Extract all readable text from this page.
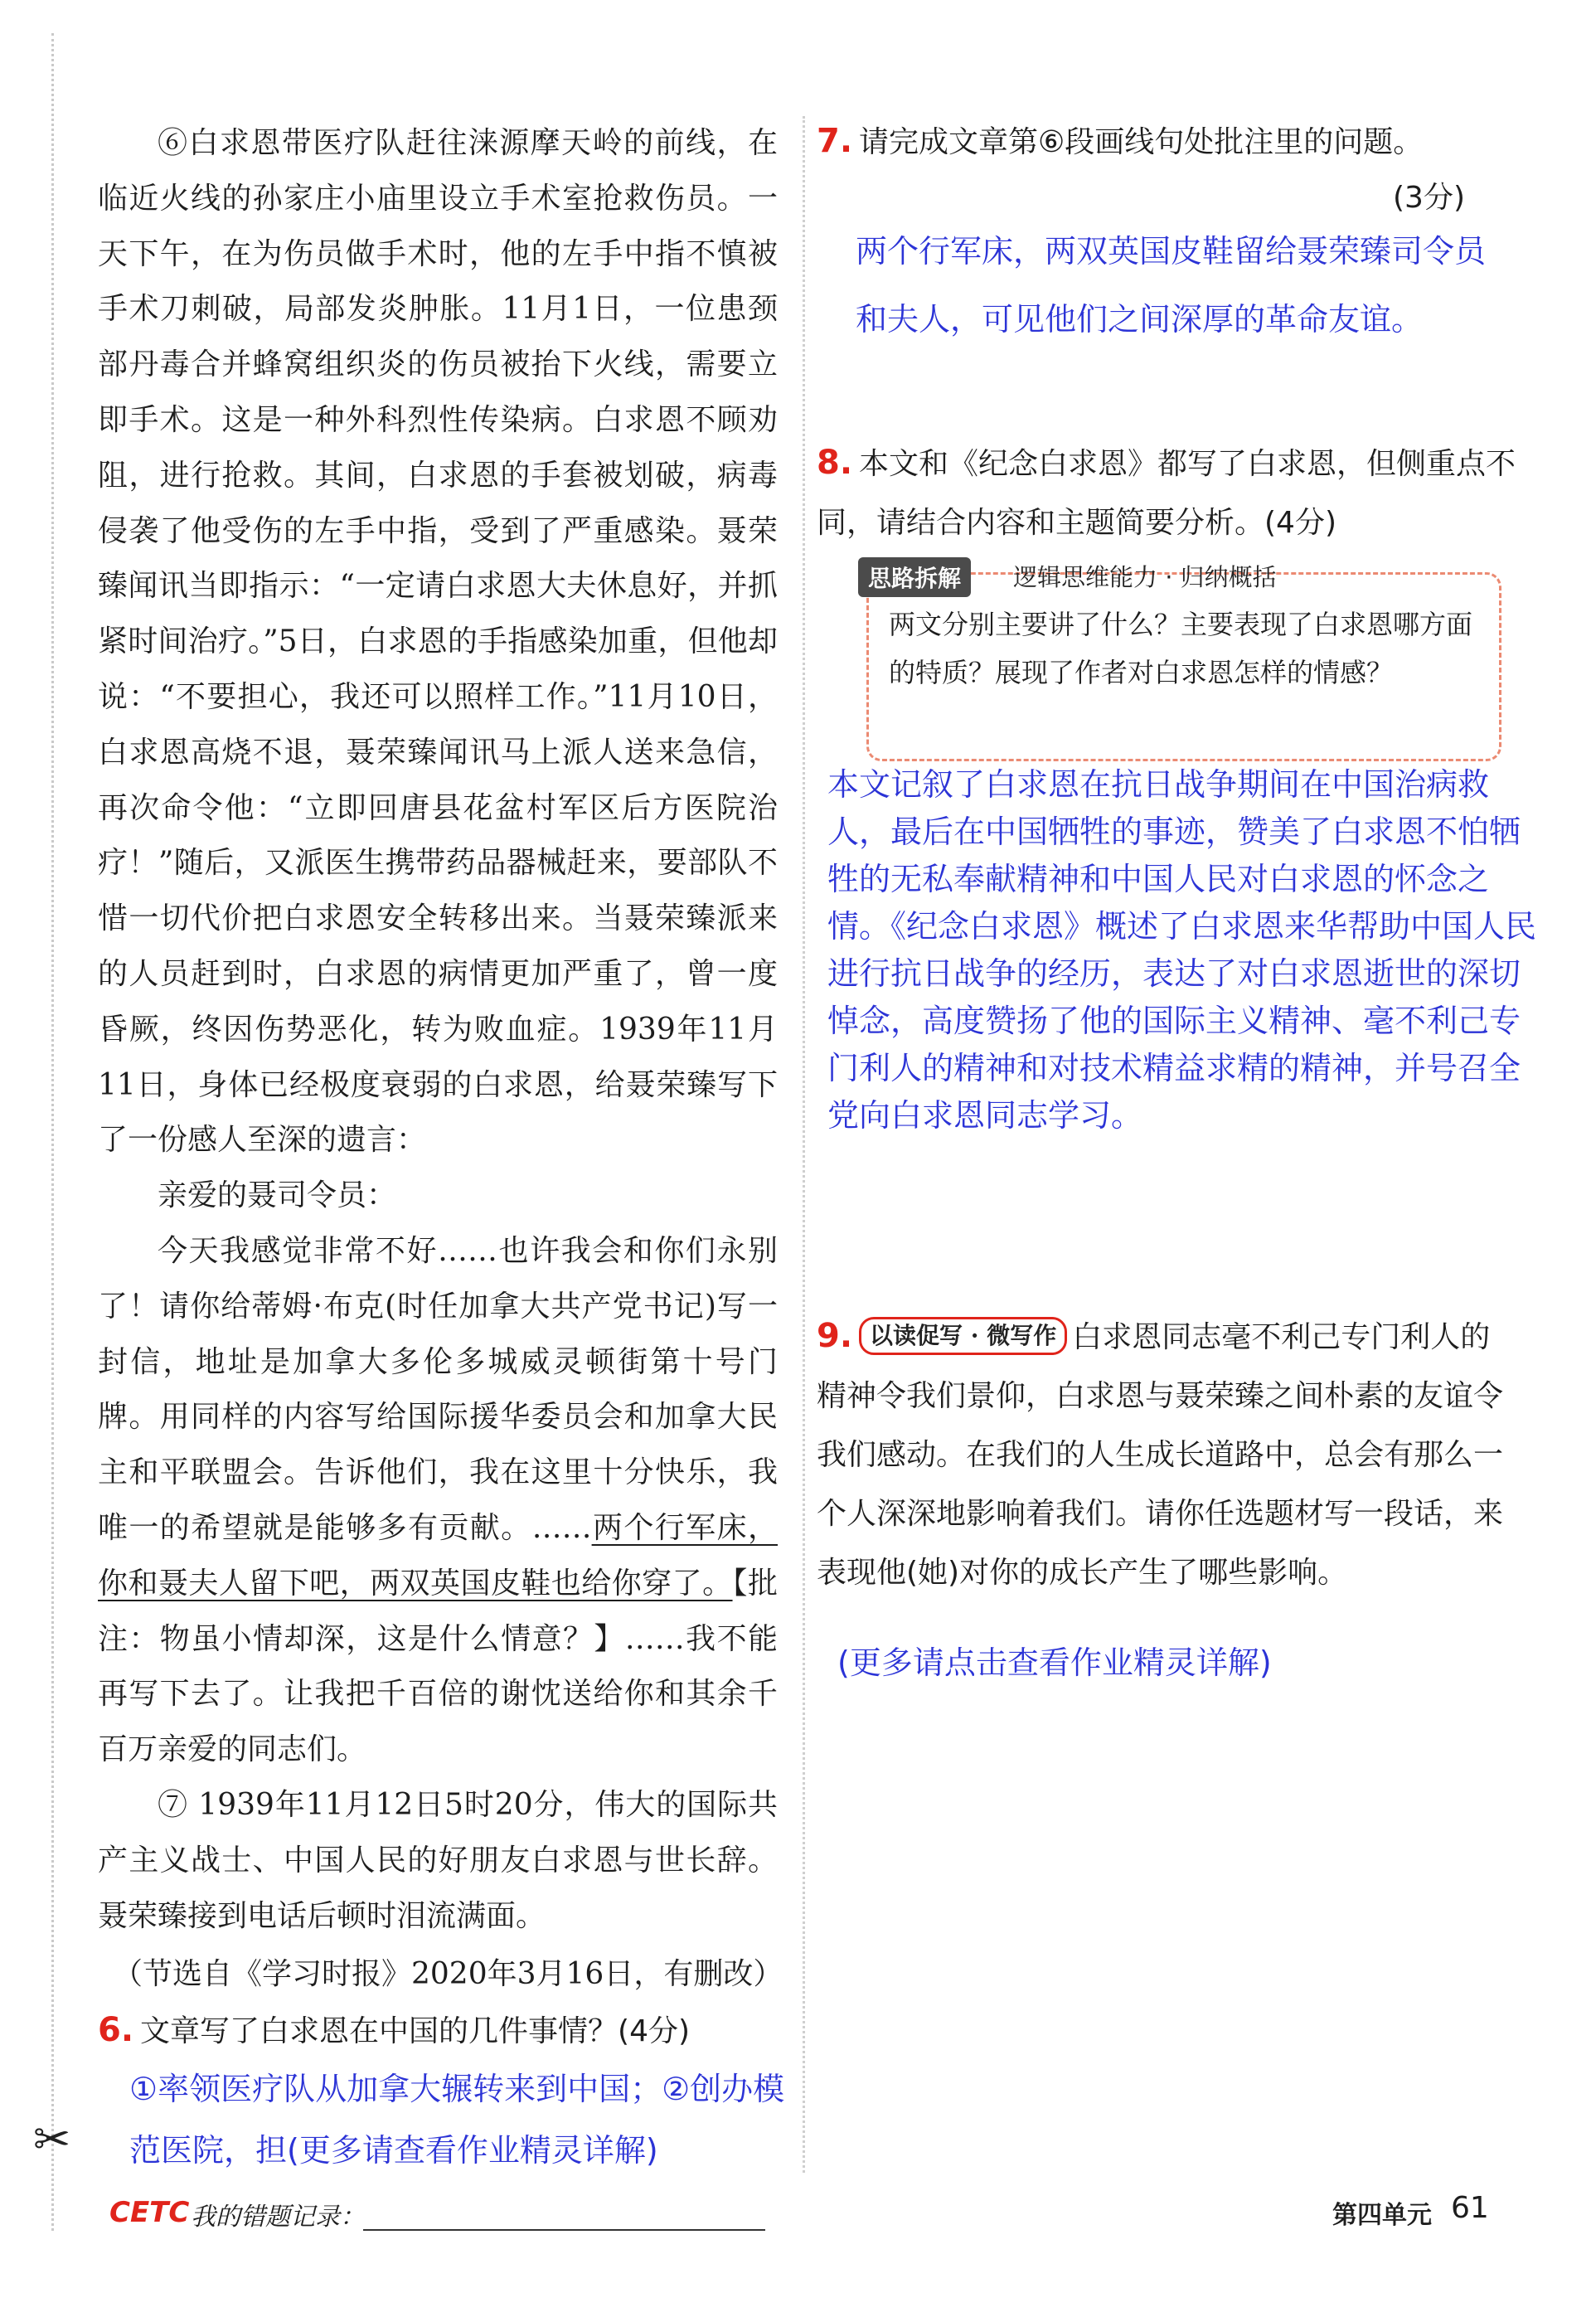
✂

⑥白求恩带医疗队赶往涞源摩天岭的前线，在临近火线的孙家庄小庙里设立手术室抢救伤员。一天下午，在为伤员做手术时，他的左手中指不慎被手术刀刺破，局部发炎肿胀。11月1日，一位患颈部丹毒合并蜂窝组织炎的伤员被抬下火线，需要立即手术。这是一种外科烈性传染病。白求恩不顾劝阻，进行抢救。其间，白求恩的手套被划破，病毒侵袭了他受伤的左手中指，受到了严重感染。聂荣臻闻讯当即指示：“一定请白求恩大夫休息好，并抓紧时间治疗。”5日，白求恩的手指感染加重，但他却说：“不要担心，我还可以照样工作。”11月10日，白求恩高烧不退，聂荣臻闻讯马上派人送来急信，再次命令他：“立即回唐县花盆村军区后方医院治疗！”随后，又派医生携带药品器械赶来，要部队不惜一切代价把白求恩安全转移出来。当聂荣臻派来的人员赶到时，白求恩的病情更加严重了，曾一度昏厥，终因伤势恶化，转为败血症。1939年11月11日，身体已经极度衰弱的白求恩，给聂荣臻写下了一份感人至深的遗言：

亲爱的聂司令员：

今天我感觉非常不好……也许我会和你们永别了！请你给蒂姆·布克(时任加拿大共产党书记)写一封信，地址是加拿大多伦多城威灵顿街第十号门牌。用同样的内容写给国际援华委员会和加拿大民主和平联盟会。告诉他们，我在这里十分快乐，我唯一的希望就是能够多有贡献。……两个行军床，你和聂夫人留下吧，两双英国皮鞋也给你穿了。【批注：物虽小情却深，这是什么情意？】……我不能再写下去了。让我把千百倍的谢忱送给你和其余千百万亲爱的同志们。

⑦ 1939年11月12日5时20分，伟大的国际共产主义战士、中国人民的好朋友白求恩与世长辞。聂荣臻接到电话后顿时泪流满面。

（节选自《学习时报》2020年3月16日，有删改）

6. 文章写了白求恩在中国的几件事情？(4分)
①率领医疗队从加拿大辗转来到中国；②创办模范医院，担(更多请查看作业精灵详解)
7. 请完成文章第⑥段画线句处批注里的问题。
(3分)
两个行军床，两双英国皮鞋留给聂荣臻司令员和夫人，可见他们之间深厚的革命友谊。
8. 本文和《纪念白求恩》都写了白求恩，但侧重点不同，请结合内容和主题简要分析。(4分)
思路拆解	逻辑思维能力 · 归纳概括
两文分别主要讲了什么？主要表现了白求恩哪方面的特质？展现了作者对白求恩怎样的情感？
本文记叙了白求恩在抗日战争期间在中国治病救人，最后在中国牺牲的事迹，赞美了白求恩不怕牺牲的无私奉献精神和中国人民对白求恩的怀念之情。《纪念白求恩》概述了白求恩来华帮助中国人民进行抗日战争的经历，表达了对白求恩逝世的深切悼念，高度赞扬了他的国际主义精神、毫不利己专门利人的精神和对技术精益求精的精神，并号召全党向白求恩同志学习。
9. 以读促写 · 微写作 白求恩同志毫不利己专门利人的精神令我们景仰，白求恩与聂荣臻之间朴素的友谊令我们感动。在我们的人生成长道路中，总会有那么一个人深深地影响着我们。请你任选题材写一段话，来表现他(她)对你的成长产生了哪些影响。
(更多请点击查看作业精灵详解)
CETC 我的错题记录：	第四单元 61
